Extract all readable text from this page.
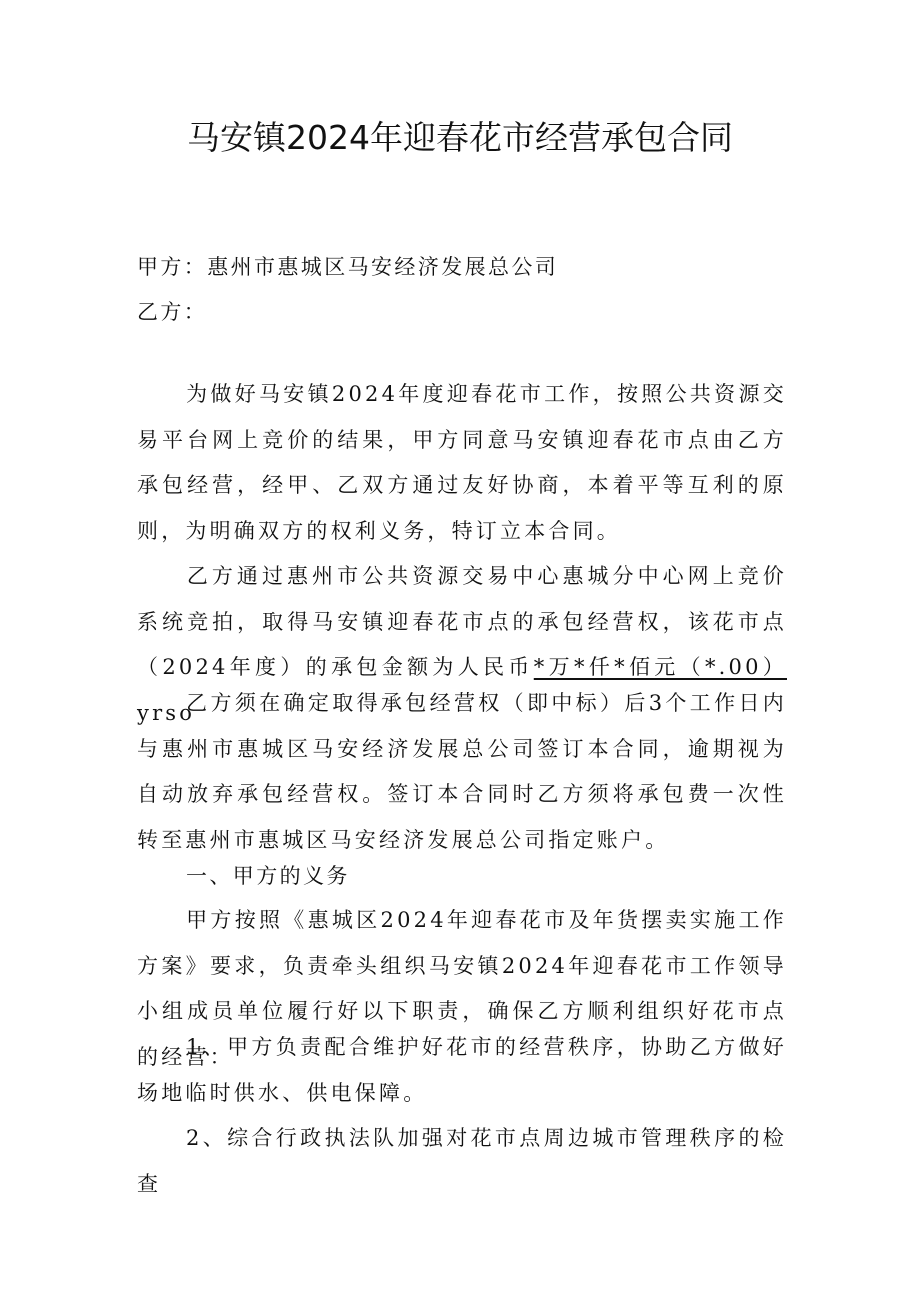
马安镇2024年迎春花市经营承包合同
甲方：惠州市惠城区马安经济发展总公司
乙方：

为做好马安镇2024年度迎春花市工作，按照公共资源交易平台网上竞价的结果，甲方同意马安镇迎春花市点由乙方承包经营，经甲、乙双方通过友好协商，本着平等互利的原则，为明确双方的权利义务，特订立本合同。

乙方通过惠州市公共资源交易中心惠城分中心网上竞价系统竞拍，取得马安镇迎春花市点的承包经营权，该花市点（2024年度）的承包金额为人民币*万*仟*佰元（*.00）yrso

乙方须在确定取得承包经营权（即中标）后3个工作日内与惠州市惠城区马安经济发展总公司签订本合同，逾期视为自动放弃承包经营权。签订本合同时乙方须将承包费一次性转至惠州市惠城区马安经济发展总公司指定账户。

一、甲方的义务

甲方按照《惠城区2024年迎春花市及年货摆卖实施工作方案》要求，负责牵头组织马安镇2024年迎春花市工作领导小组成员单位履行好以下职责，确保乙方顺利组织好花市点的经营：

1、甲方负责配合维护好花市的经营秩序，协助乙方做好场地临时供水、供电保障。

2、综合行政执法队加强对花市点周边城市管理秩序的检查
